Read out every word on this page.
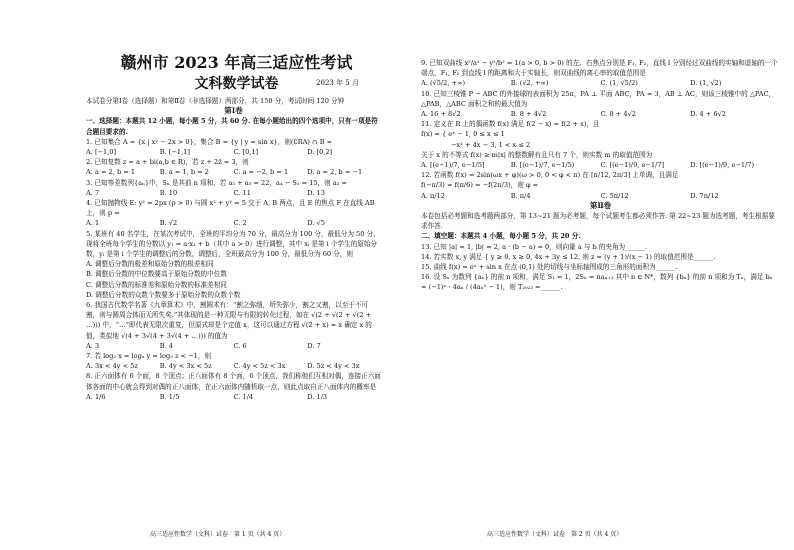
赣州市 2023 年高三适应性考试
文科数学试卷	2023 年 5 月
本试卷分第Ⅰ卷（选择题）和第Ⅱ卷（非选择题）两部分，共 150 分，考试时间 120 分钟
第Ⅰ卷
一、选择题：本题共 12 小题，每小题 5 分，共 60 分. 在每小题给出的四个选项中，只有一项是符合题目要求的.
1. 已知集合 A = {x | x² − 2x > 0}，集合 B = {y | y = sin x}，则(∁RA) ∩ B =
A. [−1,0]	B. [−1,1]	C. [0,1]	D. [0,2]
2. 已知复数 z = a + bi(a,b ∈ R)，若 z + 2z̄ = 3，则
A. a = 2, b = 1	B. a = 1, b = 2	C. a = −2, b = 1	D. a = 2, b = −1
3. 已知等差数列{aₙ}中，Sₙ 是其前 n 项和，若 a₃ + a₅ = 22，a₄ − S₁ = 15，则 a₂ =
A. 7	B. 10	C. 11	D. 13
4. 已知抛物线 E: y² = 2px (p > 0) 与圆 x² + y² = 5 交于 A, B 两点，且 E 的焦点 F 在直线 AB 上，则 p =
A. 1	B. √2	C. 2	D. √5
5. 某班有 40 名学生，在某次考试中，全班的平均分为 70 分，最高分为 100 分，最低分为 50 分，现将全班每个学生的分数以 y₁ = a·x₁ + b（其中 a > 0）进行调整，其中 xᵢ 是第 i 个学生的原始分数，yᵢ 是第 i 个学生的调整后的分数，调整后，全班最高分为 100 分，最低分为 60 分，则
A. 调整后分数的极差和原始分数的极差相同
B. 调整后分数的中位数要高于原始分数的中位数
C. 调整后分数的标准差和原始分数的标准差相同
D. 调整后分数的众数个数要多于原始分数的众数个数
6. 我国古代数学名著《九章算术》中，割圆术有：“割之弥细，所失弥少，割之又割，以至于不可割，则与圆周合体而无所失矣.”其体现的是一种无限与有限的转化过程，如在 √(2 + √(2 + √(2 + …))) 中，“…”即代表无限次重复，但原式却是个定值 x，这可以通过方程 √(2 + x) = x 确定 x 的值，类似地 √(4 + 3√(4 + 3√(4 + …))) 的值为
A. 3	B. 4	C. 6	D. 7
7. 若 log₂ x = logₐ y = log₅ z < −1，则
A. 3x < 4y < 5z	B. 4y < 3x < 5z	C. 4y < 5z < 3x	D. 5z < 4y < 3x
8. 正六面体有 6 个面，8 个顶点；正八面体有 8 个面，6 个顶点，我们称他们互相对偶，连接正六面体各面的中心就会得到对偶的正八面体，在正六面体内随机取一点，则此点取自正八面体内的概率是
A. 1/6	B. 1/5	C. 1/4	D. 1/3
高三适应性数学（文科）试卷　第 1 页（共 4 页）
9. 已知双曲线 x²/a² − y²/b² = 1(a > 0, b > 0) 的左、右焦点分别是 F₁, F₂，直线 l 分别经过双曲线的实轴和虚轴的一个端点，F₁, F₂ 到直线 l 的距离和大于实轴长，则双曲线的离心率的取值范围是
A. (√5/2, +∞)	B. (√2, +∞)	C. (1, √5/2)	D. (1, √2)
10. 已知三棱锥 P − ABC 的外接球的表面积为 25π，PA ⊥ 平面 ABC，PA = 3，AB ⊥ AC，则该三棱锥中的 △PAC，△PAB，△ABC 面积之和的最大值为
A. 16 + 8√2	B. 8 + 4√2	C. 8 + 4√2	D. 4 + 6√2
11. 定义在 R 上的偶函数 f(x) 满足 f(2 − x) = f(2 + x)，且
f(x) = { eˣ − 1, 0 ≤ x ≤ 1
−x² + 4x − 3, 1 < x ≤ 2
关于 x 的不等式 f(x) ≥ m|x| 的整数解有且只有 7 个，则实数 m 的取值范围为
A. [(e−1)/7, e−1/5]	B. [(e−1)/7, e−1/5)	C. [(e−1)/9, e−1/7]	D. [(e−1)/9, e−1/7)
12. 若函数 f(x) = 2sin(ωx + φ)(ω > 0, 0 < φ < π) 在 [π/12, 2π/3] 上单调，且满足
f(−π/3) = f(π/6) = −f(2π/3)，则 φ =
A. π/12	B. π/4	C. 5π/12	D. 7π/12
第Ⅱ卷
本卷包括必考题和选考题两部分，第 13~21 题为必考题，每个试题考生都必须作答. 第 22~23 题为选考题，考生根据要求作答.
二、填空题：本题共 4 小题，每小题 5 分，共 20 分.
13. 已知 |a| = 1, |b| = 2, a · (b − a) = 0，则向量 a 与 b 的夹角为______.
14. 若实数 x, y 满足 { y ≥ 0, x ≥ 0, 4x + 3y ≤ 12, 则 z = (y + 1)/(x − 1) 的取值范围是______.
15. 曲线 f(x) = eˣ + sin x 在点 (0,1) 处的切线与坐标轴围成的三角形的面积为______.
16. 设 Sₙ 为数列 {aₙ} 的前 n 项和，满足 S₁ = 1，2Sₙ = naₙ₊₁ 其中 n ∈ N*，数列 {bₙ} 的前 n 项和为 Tₙ，满足 bₙ = (−1)ⁿ · 4aₙ / (4aₙ² − 1)，则 T₂₀₂₃ =______.
高三适应性数学（文科）试卷　第 2 页（共 4 页）
